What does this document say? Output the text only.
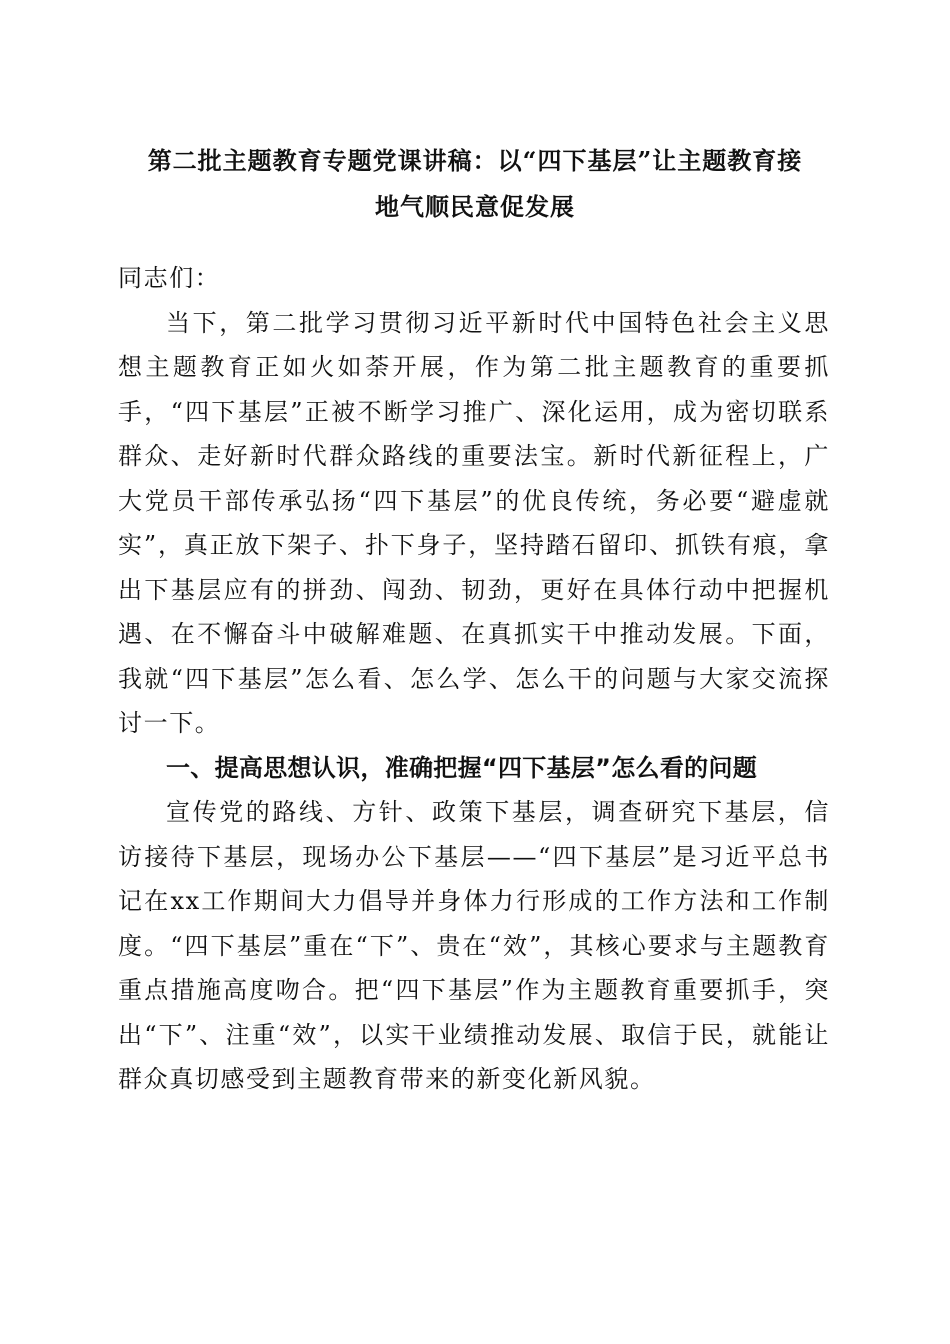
第二批主题教育专题党课讲稿：以“四下基层”让主题教育接
地气顺民意促发展

同志们：

当下，第二批学习贯彻习近平新时代中国特色社会主义思想主题教育正如火如荼开展，作为第二批主题教育的重要抓手，“四下基层”正被不断学习推广、深化运用，成为密切联系群众、走好新时代群众路线的重要法宝。新时代新征程上，广大党员干部传承弘扬“四下基层”的优良传统，务必要“避虚就实”，真正放下架子、扑下身子，坚持踏石留印、抓铁有痕，拿出下基层应有的拼劲、闯劲、韧劲，更好在具体行动中把握机遇、在不懈奋斗中破解难题、在真抓实干中推动发展。下面，我就“四下基层”怎么看、怎么学、怎么干的问题与大家交流探讨一下。

一、提高思想认识，准确把握“四下基层”怎么看的问题

宣传党的路线、方针、政策下基层，调查研究下基层，信访接待下基层，现场办公下基层——“四下基层”是习近平总书记在xx工作期间大力倡导并身体力行形成的工作方法和工作制度。“四下基层”重在“下”、贵在“效”，其核心要求与主题教育重点措施高度吻合。把“四下基层”作为主题教育重要抓手，突出“下”、注重“效”，以实干业绩推动发展、取信于民，就能让群众真切感受到主题教育带来的新变化新风貌。
